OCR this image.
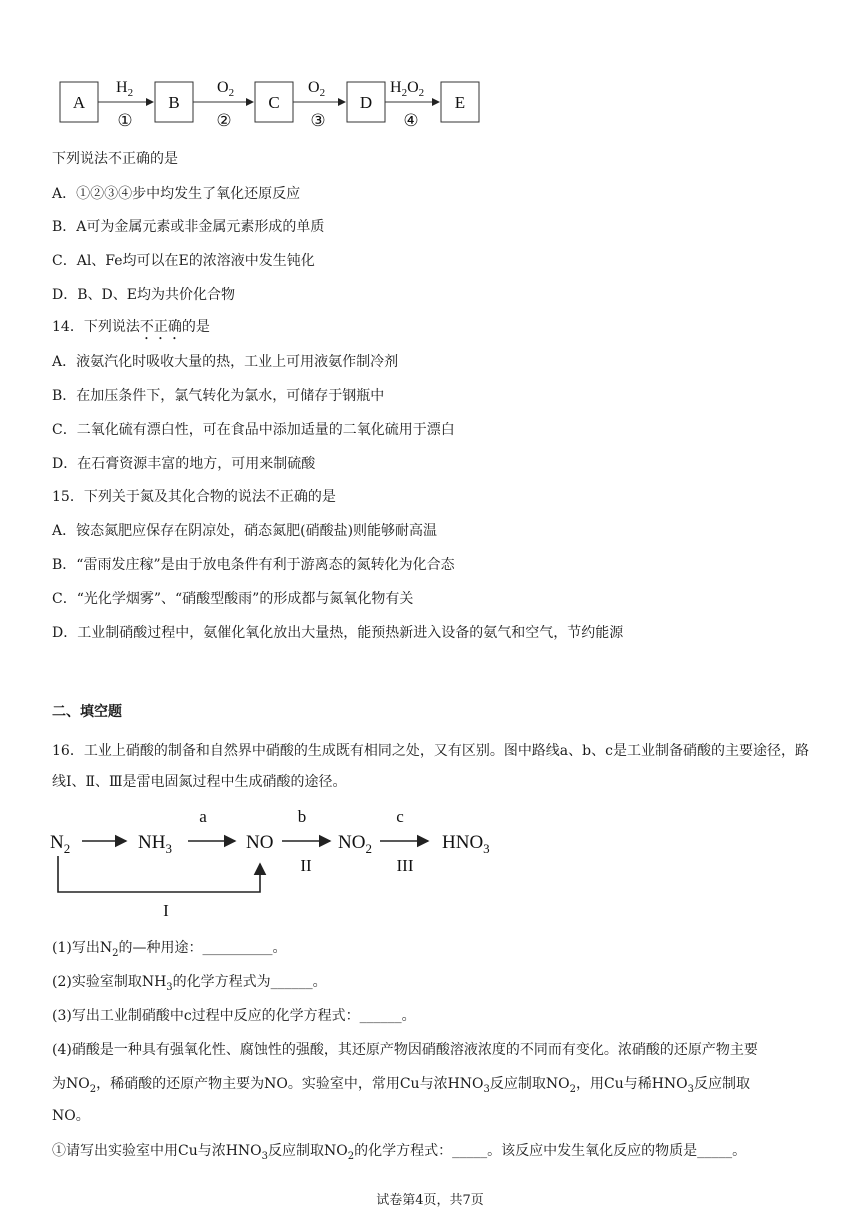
A	B	C	D	E
$H_2$	$O_2$	$O_2$	$H_2O_2$
①	②	③	④
下列说法不正确的是
A．①②③④步中均发生了氧化还原反应
B．A可为金属元素或非金属元素形成的单质
C．Al、Fe均可以在E的浓溶液中发生钝化
D．B、D、E均为共价化合物
14．下列说法不正确的是
A．液氨汽化时吸收大量的热，工业上可用液氨作制冷剂
B．在加压条件下，氯气转化为氯水，可储存于钢瓶中
C．二氧化硫有漂白性，可在食品中添加适量的二氧化硫用于漂白
D．在石膏资源丰富的地方，可用来制硫酸
15．下列关于氮及其化合物的说法不正确的是
A．铵态氮肥应保存在阴凉处，硝态氮肥(硝酸盐)则能够耐高温
B．“雷雨发庄稼”是由于放电条件有利于游离态的氮转化为化合态
C．“光化学烟雾”、“硝酸型酸雨”的形成都与氮氧化物有关
D．工业制硝酸过程中，氨催化氧化放出大量热，能预热新进入设备的氨气和空气，节约能源
二、填空题
16．工业上硝酸的制备和自然界中硝酸的生成既有相同之处，又有区别。图中路线a、b、c是工业制备硝酸的主要途径，路线Ⅰ、Ⅱ、Ⅲ是雷电固氮过程中生成硝酸的途径。
$N_2$	$NH_3$	NO	$NO_2$	$HNO_3$
a	b	c
II	III
I
(1)写出$N_2$的—种用途：__________。
(2)实验室制取$NH_3$的化学方程式为______。
(3)写出工业制硝酸中c过程中反应的化学方程式：______。
(4)硝酸是一种具有强氧化性、腐蚀性的强酸，其还原产物因硝酸溶液浓度的不同而有变化。浓硝酸的还原产物主要
为$NO_2$，稀硝酸的还原产物主要为NO。实验室中，常用Cu与浓$HNO_3$反应制取$NO_2$，用Cu与稀$HNO_3$反应制取
NO。
①请写出实验室中用Cu与浓$HNO_3$反应制取$NO_2$的化学方程式：_____。该反应中发生氧化反应的物质是_____。
试卷第4页，共7页
